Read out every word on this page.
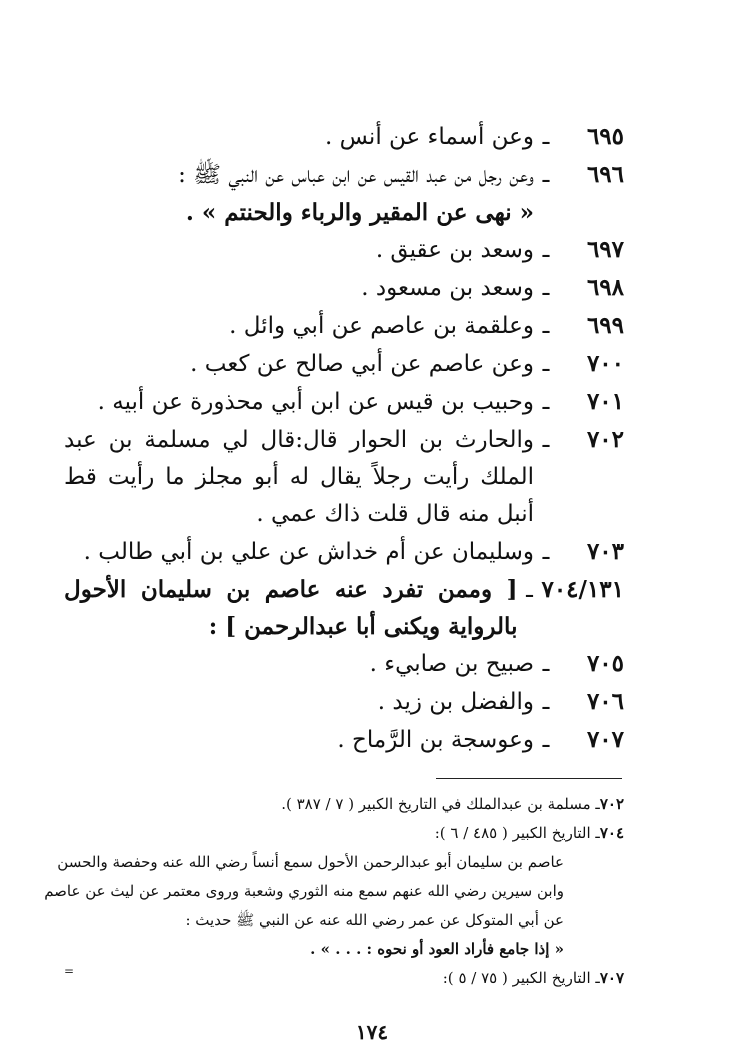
٦٩٥
ـ
وعن أسماء عن أنس .
٦٩٦
ـ
وعن رجل من عبد القيس عن ابن عباس عن النبي ﷺ :
« نهى عن المقير والرباء والحنتم » .
٦٩٧
ـ
وسعد بن عقيق .
٦٩٨
ـ
وسعد بن مسعود .
٦٩٩
ـ
وعلقمة بن عاصم عن أبي وائل .
٧٠٠
ـ
وعن عاصم عن أبي صالح عن كعب .
٧٠١
ـ
وحبيب بن قيس عن ابن أبي محذورة عن أبيه .
٧٠٢
ـ
والحارث بن الحوار قال:قال لي مسلمة بن عبد الملك رأيت رجلاً يقال له أبو مجلز ما رأيت قط أنبل منه قال قلت ذاك عمي .
٧٠٣
ـ
وسليمان عن أم خداش عن علي بن أبي طالب .
٧٠٤/١٣١
ـ
[ وممن تفرد عنه عاصم بن سليمان الأحول بالرواية ويكنى أبا عبدالرحمن ] :
٧٠٥
ـ
صبيح بن صابيء .
٧٠٦
ـ
والفضل بن زيد .
٧٠٧
ـ
وعوسجة بن الرَّماح .
٧٠٢ـ مسلمة بن عبدالملك في التاريخ الكبير ( ٧ / ٣٨٧ ).
٧٠٤ـ التاريخ الكبير ( ٤٨٥ / ٦ ):
عاصم بن سليمان أبو عبدالرحمن الأحول سمع أنساً رضي الله عنه وحفصة والحسن
وابن سيرين رضي الله عنهم سمع منه الثوري وشعبة وروى معتمر عن ليث عن عاصم
عن أبي المتوكل عن عمر رضي الله عنه عن النبي ﷺ حديث :
« إذا جامع فأراد العود أو نحوه : . . . » .
٧٠٧ـ التاريخ الكبير ( ٧٥ / ٥ ):
=
١٧٤
